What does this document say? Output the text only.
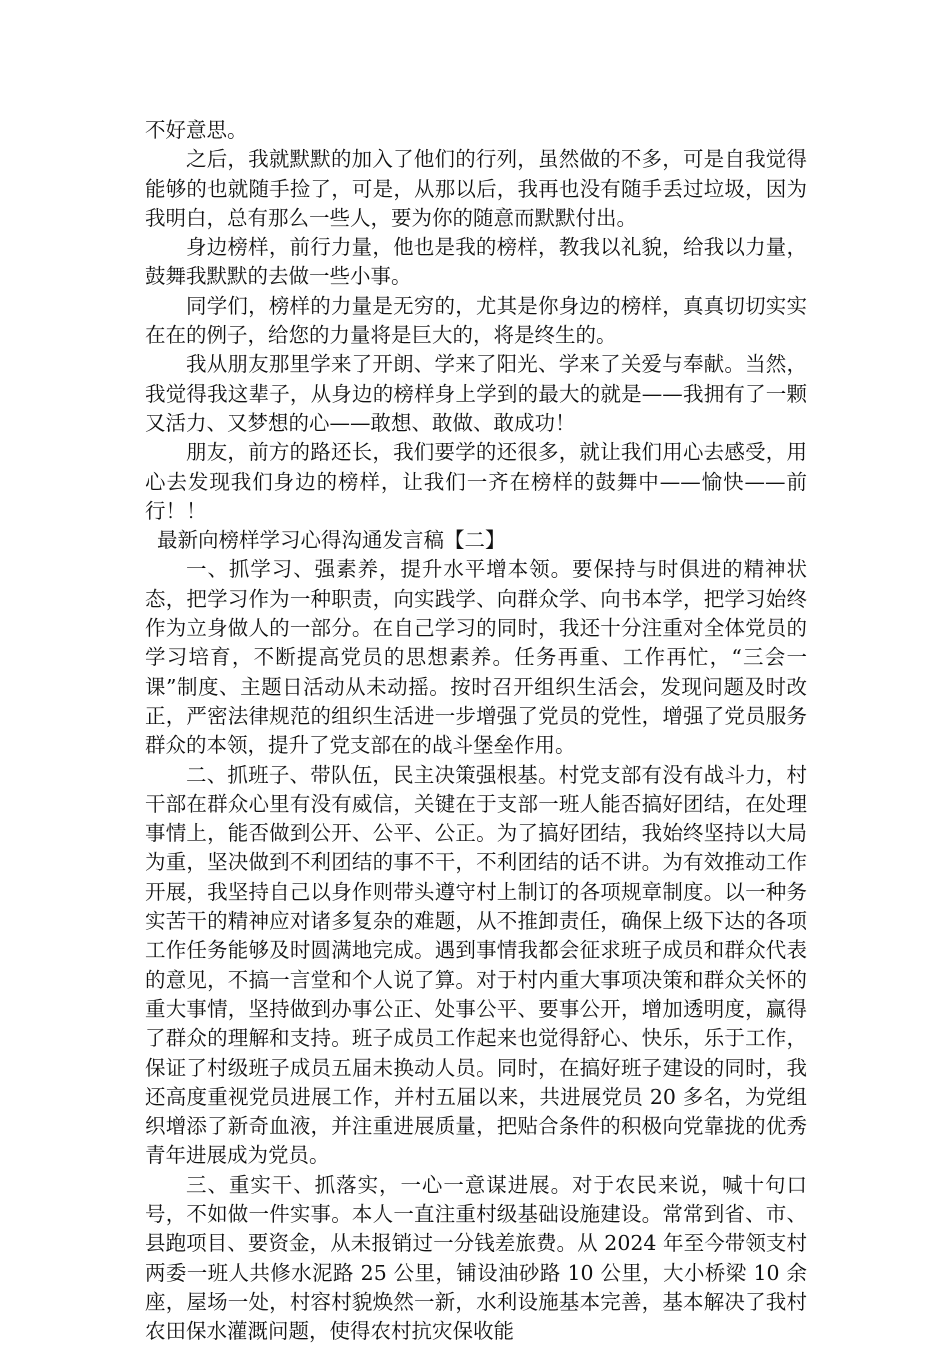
不好意思。

之后，我就默默的加入了他们的行列，虽然做的不多，可是自我觉得能够的也就随手捡了，可是，从那以后，我再也没有随手丢过垃圾，因为我明白，总有那么一些人，要为你的随意而默默付出。

身边榜样，前行力量，他也是我的榜样，教我以礼貌，给我以力量，鼓舞我默默的去做一些小事。

同学们，榜样的力量是无穷的，尤其是你身边的榜样，真真切切实实在在的例子，给您的力量将是巨大的，将是终生的。

我从朋友那里学来了开朗、学来了阳光、学来了关爱与奉献。当然，我觉得我这辈子，从身边的榜样身上学到的最大的就是——我拥有了一颗又活力、又梦想的心——敢想、敢做、敢成功！

朋友，前方的路还长，我们要学的还很多，就让我们用心去感受，用心去发现我们身边的榜样，让我们一齐在榜样的鼓舞中——愉快——前行！！

最新向榜样学习心得沟通发言稿【二】

一、抓学习、强素养，提升水平增本领。要保持与时俱进的精神状态，把学习作为一种职责，向实践学、向群众学、向书本学，把学习始终作为立身做人的一部分。在自己学习的同时，我还十分注重对全体党员的学习培育，不断提高党员的思想素养。任务再重、工作再忙，“三会一课”制度、主题日活动从未动摇。按时召开组织生活会，发现问题及时改正，严密法律规范的组织生活进一步增强了党员的党性，增强了党员服务群众的本领，提升了党支部在的战斗堡垒作用。

二、抓班子、带队伍，民主决策强根基。村党支部有没有战斗力，村干部在群众心里有没有威信，关键在于支部一班人能否搞好团结，在处理事情上，能否做到公开、公平、公正。为了搞好团结，我始终坚持以大局为重，坚决做到不利团结的事不干，不利团结的话不讲。为有效推动工作开展，我坚持自己以身作则带头遵守村上制订的各项规章制度。以一种务实苦干的精神应对诸多复杂的难题，从不推卸责任，确保上级下达的各项工作任务能够及时圆满地完成。遇到事情我都会征求班子成员和群众代表的意见，不搞一言堂和个人说了算。对于村内重大事项决策和群众关怀的重大事情，坚持做到办事公正、处事公平、要事公开，增加透明度，赢得了群众的理解和支持。班子成员工作起来也觉得舒心、快乐，乐于工作，保证了村级班子成员五届未换动人员。同时，在搞好班子建设的同时，我还高度重视党员进展工作，并村五届以来，共进展党员 20 多名，为党组织增添了新奇血液，并注重进展质量，把贴合条件的积极向党靠拢的优秀青年进展成为党员。

三、重实干、抓落实，一心一意谋进展。对于农民来说，喊十句口号，不如做一件实事。本人一直注重村级基础设施建设。常常到省、市、县跑项目、要资金，从未报销过一分钱差旅费。从 2024 年至今带领支村两委一班人共修水泥路 25 公里，铺设油砂路 10 公里，大小桥梁 10 余座，屋场一处，村容村貌焕然一新，水利设施基本完善，基本解决了我村农田保水灌溉问题，使得农村抗灾保收能
